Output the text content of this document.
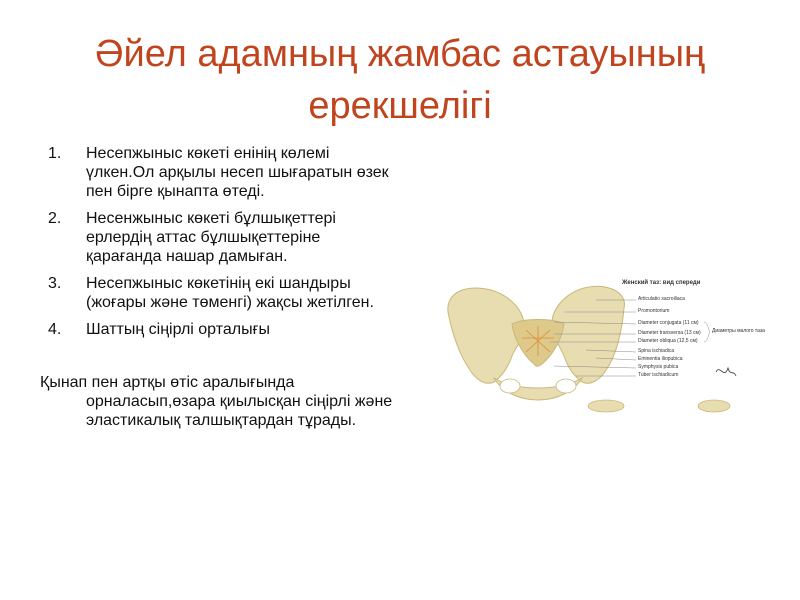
Әйел адамның жамбас астауының ерекшелігі
1. Несепжыныс көкеті енінің көлемі үлкен.Ол арқылы несеп шығаратын өзек пен бірге қынапта өтеді.
2. Несенжыныс көкеті бұлшықеттері ерлердің аттас бұлшықеттеріне қарағанда нашар дамыған.
3. Несепжыныс көкетінің екі шандыры (жоғары және төменгі) жақсы жетілген.
4. Шаттың сіңірлі орталығы
Қынап пен артқы өтіс аралығында орналасып,өзара қиылысқан сіңірлі және эластикалық талшықтардан тұрады.
Женский таз: вид спереди
Articulatio sacroiliaca
Promontorium
Diameter conjugata (11 см)
Diameter transversa (13 см)
Diameter obliqua (12,5 см)
Spina ischiadica
Eminentia iliopubica
Symphysis pubica
Tuber ischiadicum
Диаметры малого таза
